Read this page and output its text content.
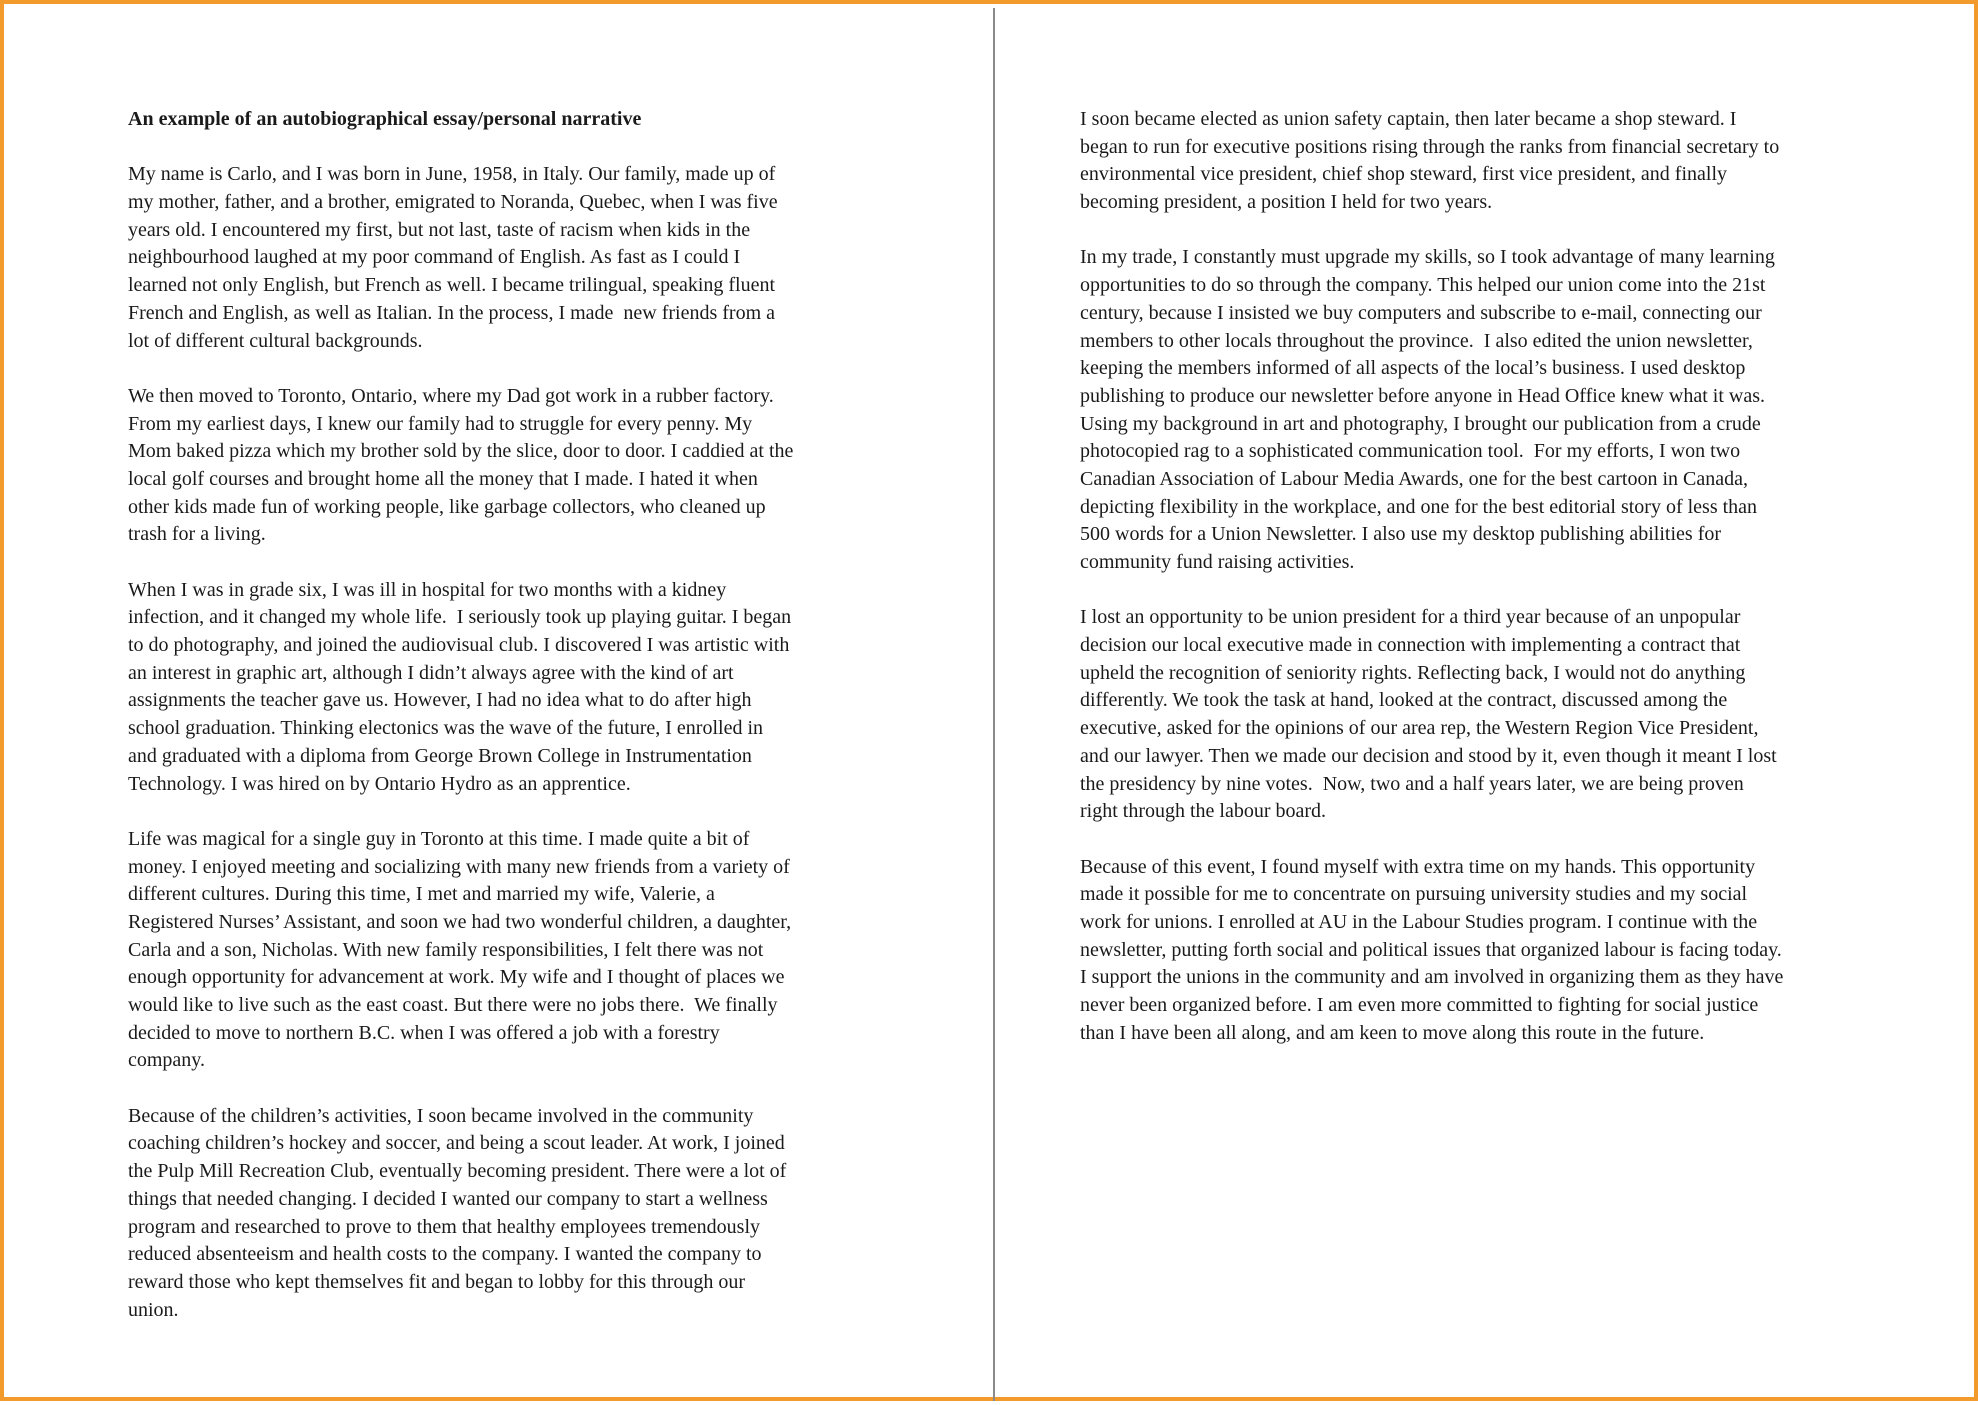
An example of an autobiographical essay/personal narrative
My name is Carlo, and I was born in June, 1958, in Italy. Our family, made up of
my mother, father, and a brother, emigrated to Noranda, Quebec, when I was five
years old. I encountered my first, but not last, taste of racism when kids in the
neighbourhood laughed at my poor command of English. As fast as I could I
learned not only English, but French as well. I became trilingual, speaking fluent
French and English, as well as Italian. In the process, I made  new friends from a
lot of different cultural backgrounds.
We then moved to Toronto, Ontario, where my Dad got work in a rubber factory.
From my earliest days, I knew our family had to struggle for every penny. My
Mom baked pizza which my brother sold by the slice, door to door. I caddied at the
local golf courses and brought home all the money that I made. I hated it when
other kids made fun of working people, like garbage collectors, who cleaned up
trash for a living.
When I was in grade six, I was ill in hospital for two months with a kidney
infection, and it changed my whole life.  I seriously took up playing guitar. I began
to do photography, and joined the audiovisual club. I discovered I was artistic with
an interest in graphic art, although I didn’t always agree with the kind of art
assignments the teacher gave us. However, I had no idea what to do after high
school graduation. Thinking electonics was the wave of the future, I enrolled in
and graduated with a diploma from George Brown College in Instrumentation
Technology. I was hired on by Ontario Hydro as an apprentice.
Life was magical for a single guy in Toronto at this time. I made quite a bit of
money. I enjoyed meeting and socializing with many new friends from a variety of
different cultures. During this time, I met and married my wife, Valerie, a
Registered Nurses’ Assistant, and soon we had two wonderful children, a daughter,
Carla and a son, Nicholas. With new family responsibilities, I felt there was not
enough opportunity for advancement at work. My wife and I thought of places we
would like to live such as the east coast. But there were no jobs there.  We finally
decided to move to northern B.C. when I was offered a job with a forestry
company.
Because of the children’s activities, I soon became involved in the community
coaching children’s hockey and soccer, and being a scout leader. At work, I joined
the Pulp Mill Recreation Club, eventually becoming president. There were a lot of
things that needed changing. I decided I wanted our company to start a wellness
program and researched to prove to them that healthy employees tremendously
reduced absenteeism and health costs to the company. I wanted the company to
reward those who kept themselves fit and began to lobby for this through our
union.
I soon became elected as union safety captain, then later became a shop steward. I
began to run for executive positions rising through the ranks from financial secretary to
environmental vice president, chief shop steward, first vice president, and finally
becoming president, a position I held for two years.
In my trade, I constantly must upgrade my skills, so I took advantage of many learning
opportunities to do so through the company. This helped our union come into the 21st
century, because I insisted we buy computers and subscribe to e-mail, connecting our
members to other locals throughout the province.  I also edited the union newsletter,
keeping the members informed of all aspects of the local’s business. I used desktop
publishing to produce our newsletter before anyone in Head Office knew what it was.
Using my background in art and photography, I brought our publication from a crude
photocopied rag to a sophisticated communication tool.  For my efforts, I won two
Canadian Association of Labour Media Awards, one for the best cartoon in Canada,
depicting flexibility in the workplace, and one for the best editorial story of less than
500 words for a Union Newsletter. I also use my desktop publishing abilities for
community fund raising activities.
I lost an opportunity to be union president for a third year because of an unpopular
decision our local executive made in connection with implementing a contract that
upheld the recognition of seniority rights. Reflecting back, I would not do anything
differently. We took the task at hand, looked at the contract, discussed among the
executive, asked for the opinions of our area rep, the Western Region Vice President,
and our lawyer. Then we made our decision and stood by it, even though it meant I lost
the presidency by nine votes.  Now, two and a half years later, we are being proven
right through the labour board.
Because of this event, I found myself with extra time on my hands. This opportunity
made it possible for me to concentrate on pursuing university studies and my social
work for unions. I enrolled at AU in the Labour Studies program. I continue with the
newsletter, putting forth social and political issues that organized labour is facing today.
I support the unions in the community and am involved in organizing them as they have
never been organized before. I am even more committed to fighting for social justice
than I have been all along, and am keen to move along this route in the future.
